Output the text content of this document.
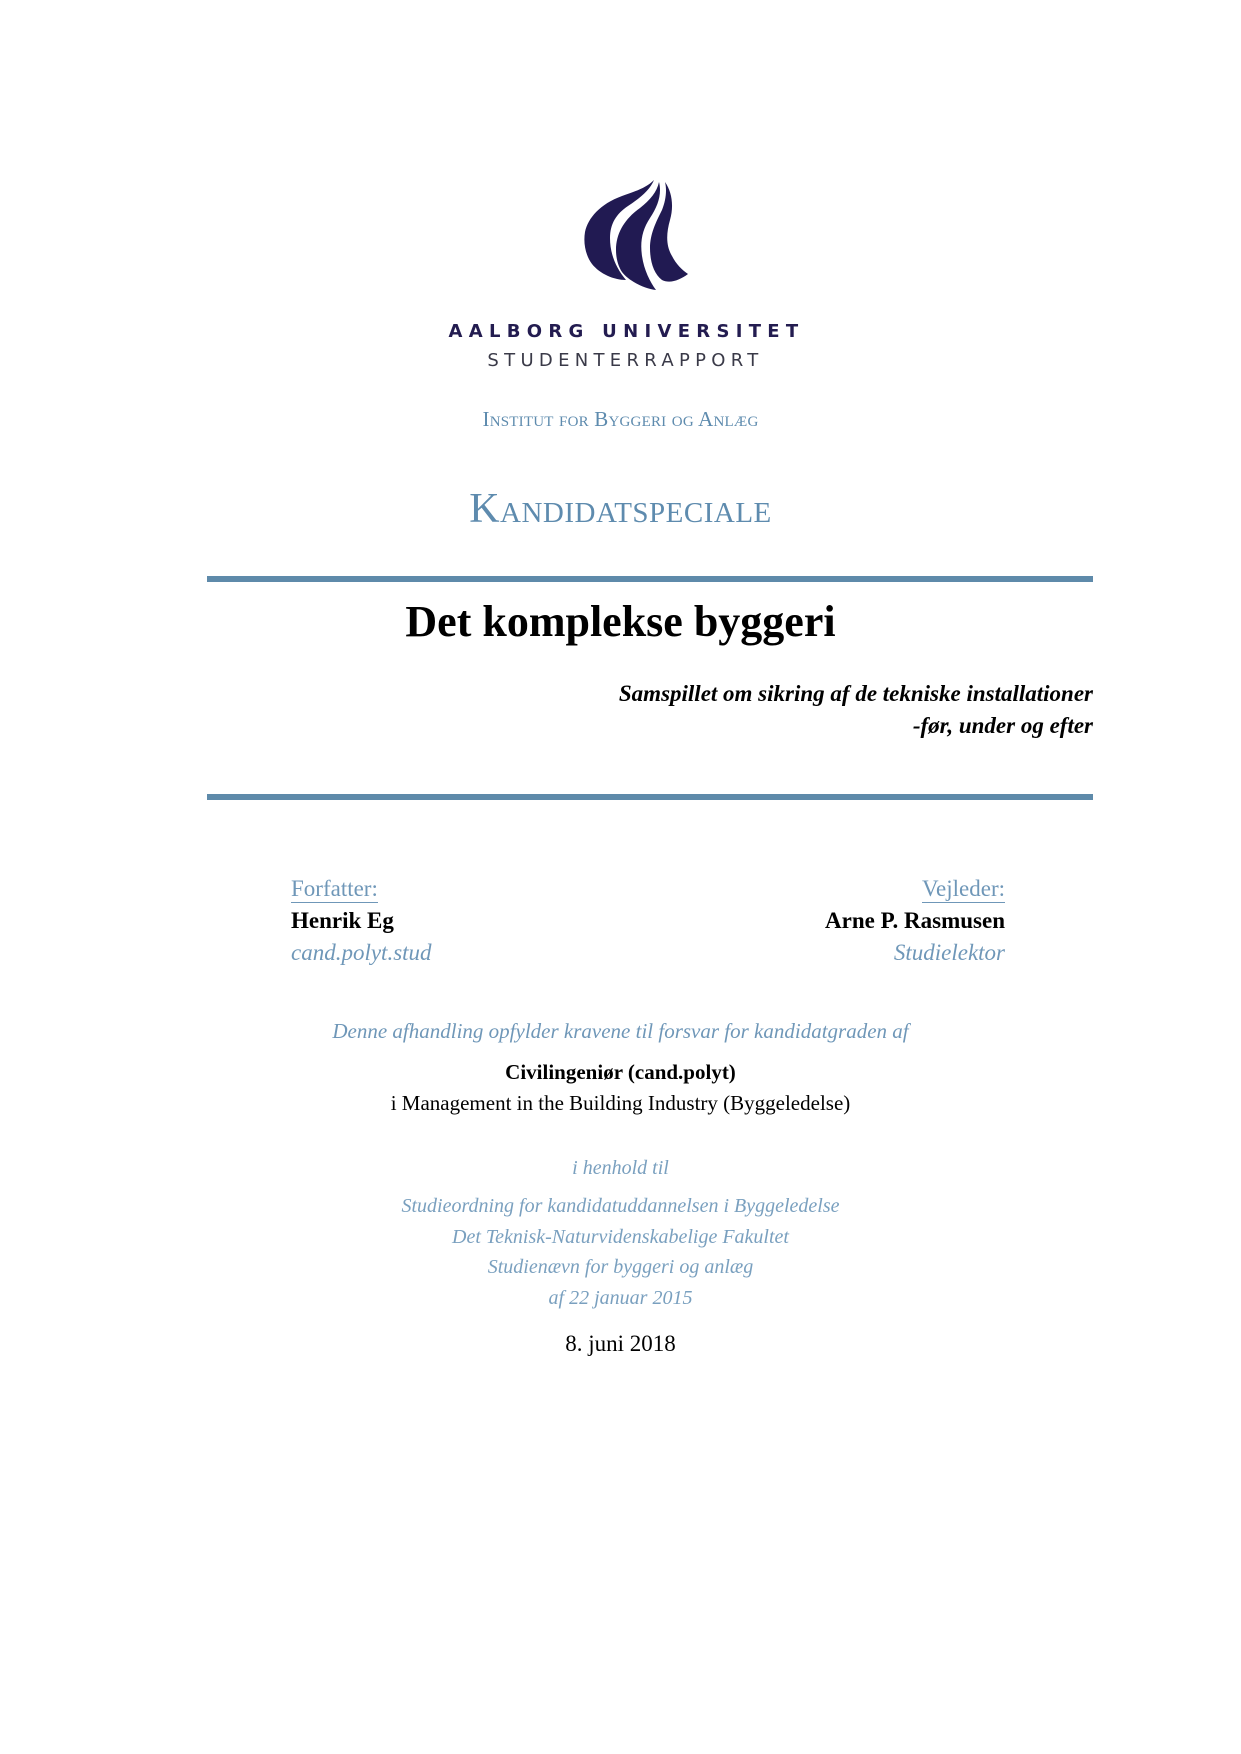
AALBORG UNIVERSITET
STUDENTERRAPPORT
Institut for Byggeri og Anlæg
Kandidatspeciale
Det komplekse byggeri
Samspillet om sikring af de tekniske installationer
-før, under og efter
Forfatter:
Henrik Eg
cand.polyt.stud
Vejleder:
Arne P. Rasmusen
Studielektor
Denne afhandling opfylder kravene til forsvar for kandidatgraden af
Civilingeniør (cand.polyt)
i Management in the Building Industry (Byggeledelse)
i henhold til
Studieordning for kandidatuddannelsen i Byggeledelse
Det Teknisk-Naturvidenskabelige Fakultet
Studienævn for byggeri og anlæg
af 22 januar 2015
8. juni 2018
